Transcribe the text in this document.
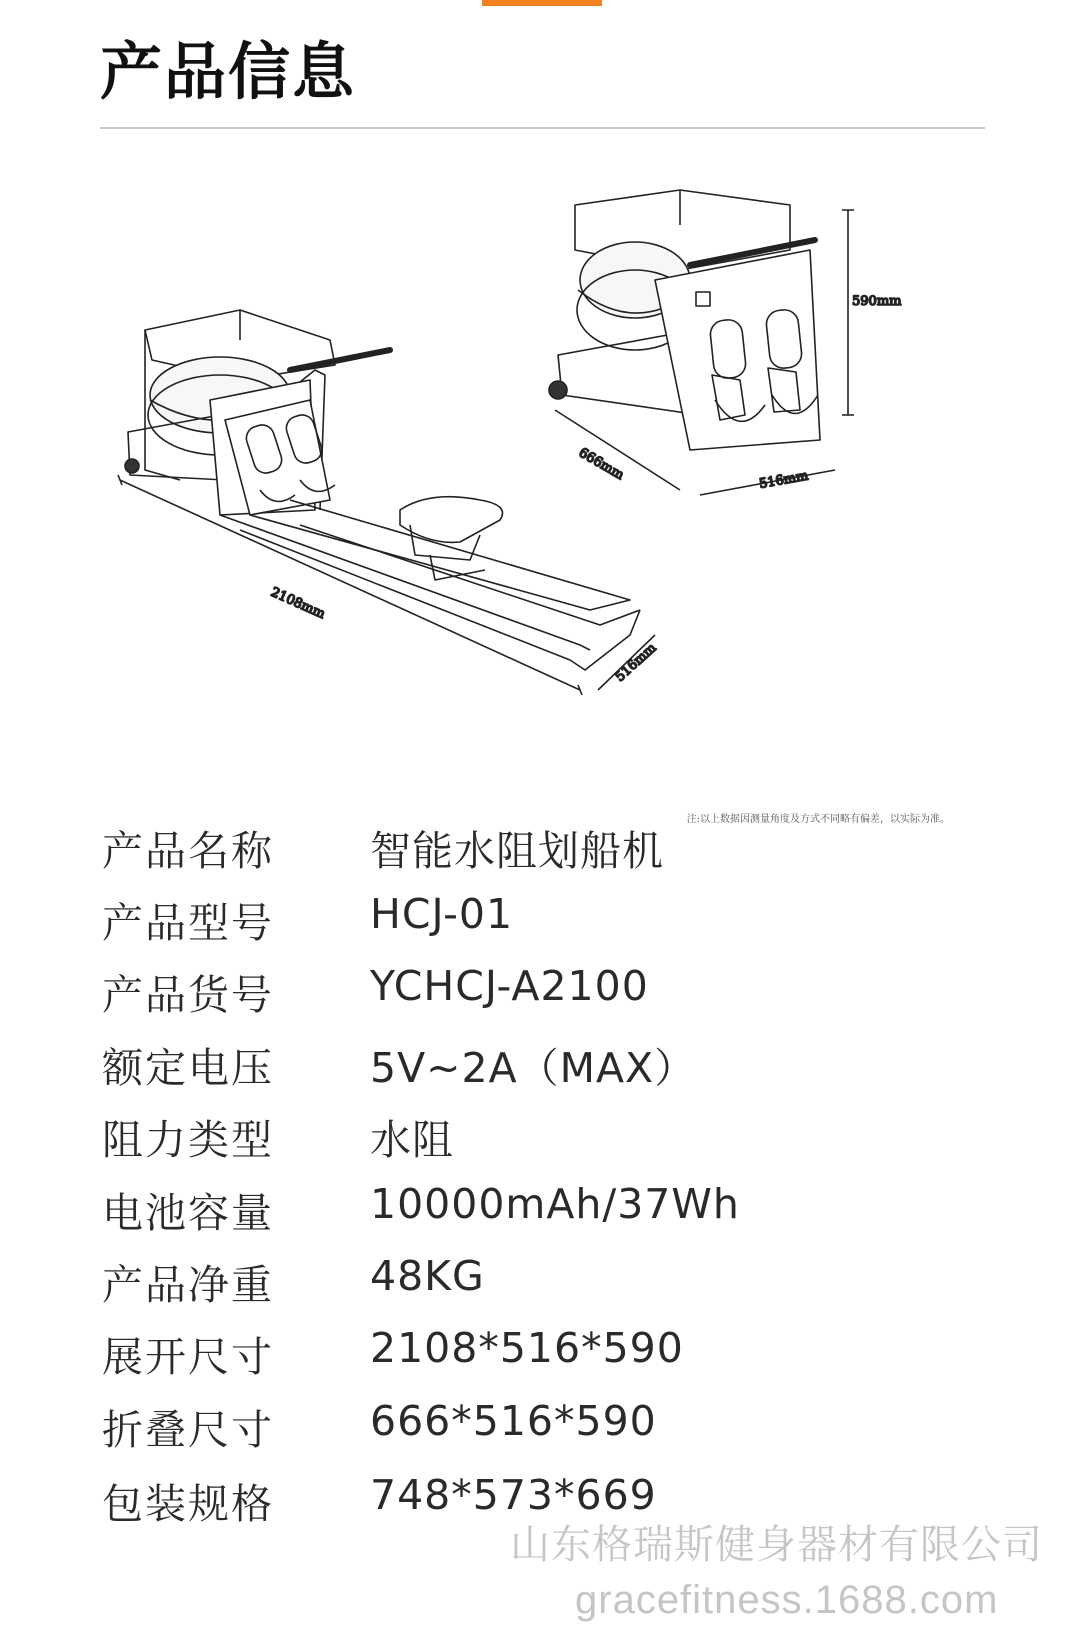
产品信息
2108mm
516mm
590mm
666mm	516mm
注:以上数据因测量角度及方式不同略有偏差，以实际为准。
产品名称 智能水阻划船机
产品型号 HCJ-01
产品货号 YCHCJ-A2100
额定电压 5V~2A（MAX）
阻力类型 水阻
电池容量 10000mAh/37Wh
产品净重 48KG
展开尺寸 2108*516*590
折叠尺寸 666*516*590
包装规格 748*573*669
山东格瑞斯健身器材有限公司
gracefitness.1688.com
